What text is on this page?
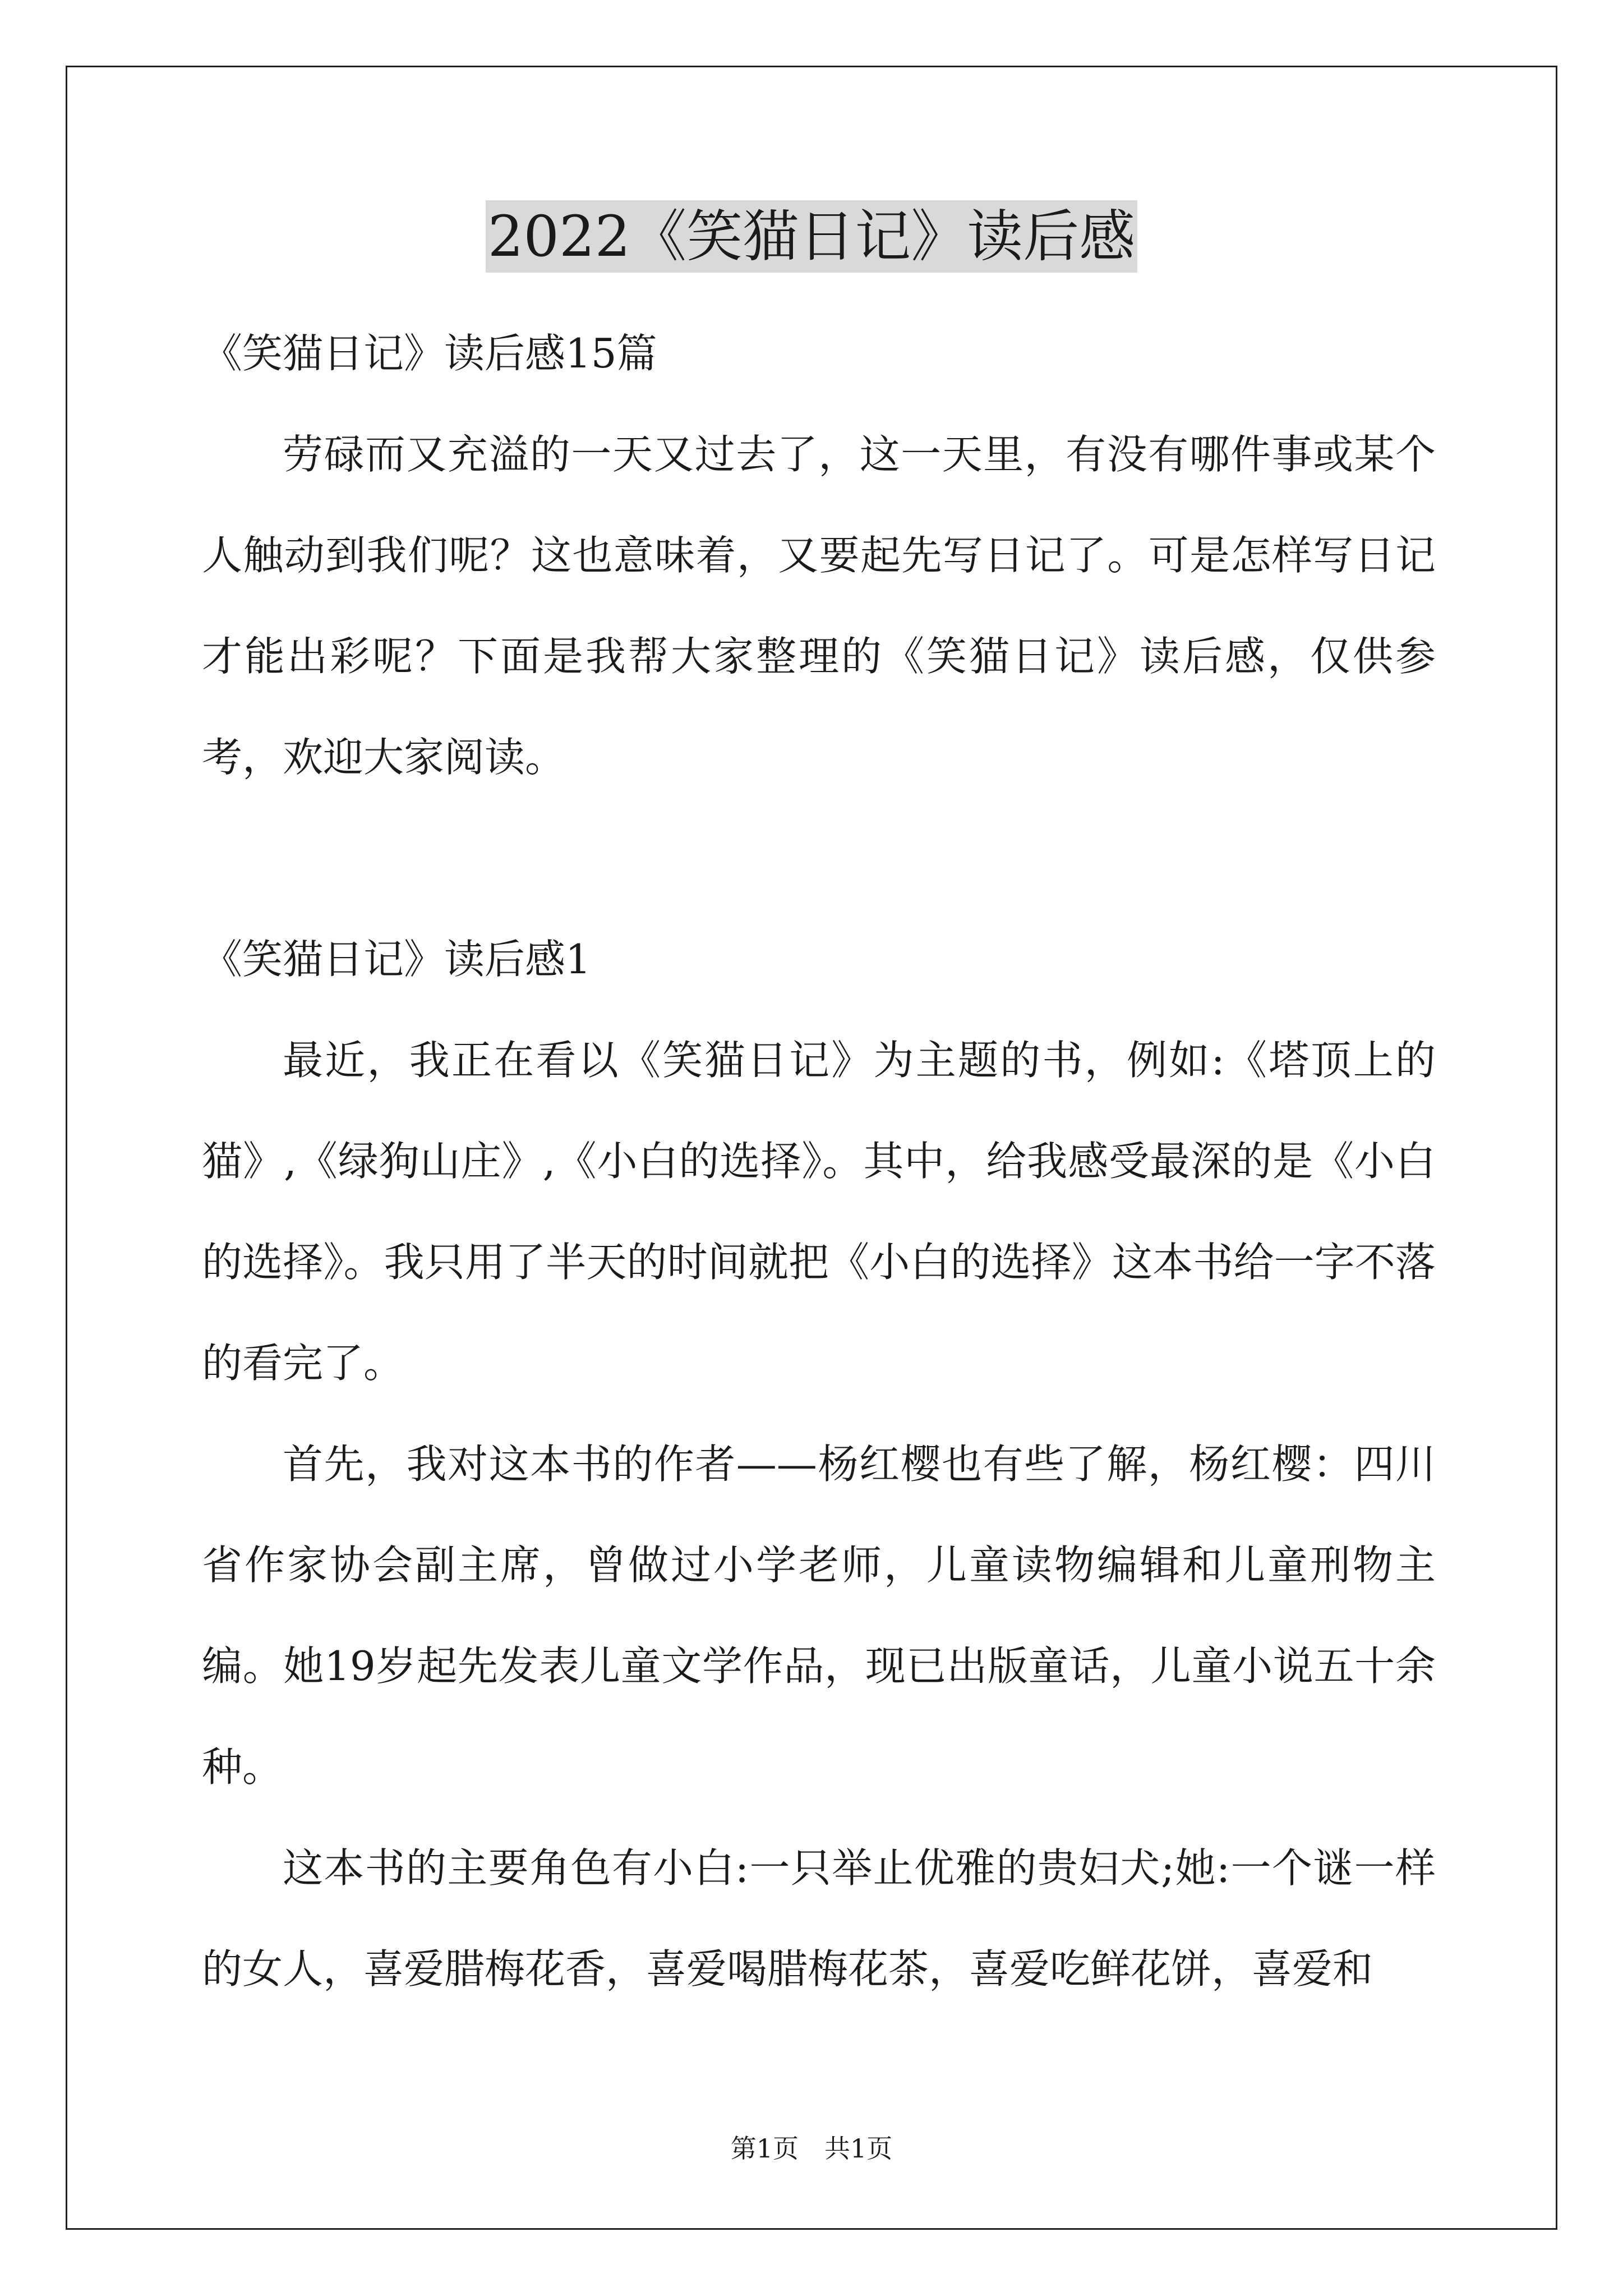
2022《笑猫日记》读后感

《笑猫日记》读后感15篇

劳碌而又充溢的一天又过去了，这一天里，有没有哪件事或某个人触动到我们呢？这也意味着，又要起先写日记了。可是怎样写日记才能出彩呢？下面是我帮大家整理的《笑猫日记》读后感，仅供参考，欢迎大家阅读。

《笑猫日记》读后感1

最近，我正在看以《笑猫日记》为主题的书，例如:《塔顶上的猫》,《绿狗山庄》,《小白的选择》。其中，给我感受最深的是《小白的选择》。我只用了半天的时间就把《小白的选择》这本书给一字不落的看完了。

首先，我对这本书的作者——杨红樱也有些了解，杨红樱：四川省作家协会副主席，曾做过小学老师，儿童读物编辑和儿童刑物主编。她19岁起先发表儿童文学作品，现已出版童话，儿童小说五十余种。

这本书的主要角色有小白:一只举止优雅的贵妇犬;她:一个谜一样的女人，喜爱腊梅花香，喜爱喝腊梅花茶，喜爱吃鲜花饼，喜爱和

第1页　共1页
